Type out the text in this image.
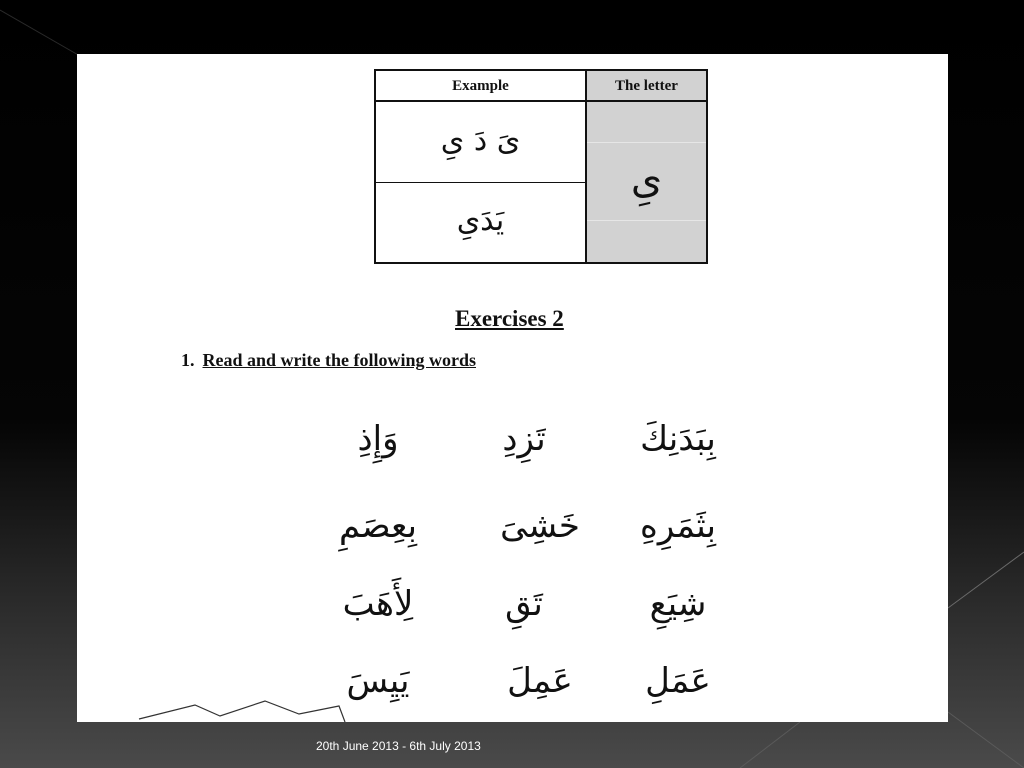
Example	The letter
ىَ دَ ىِ
يَدَىِ
ىِ
Exercises 2
1. Read and write the following words
بِبَدَنِكَ
تَزِدِ
وَإِذِ
بِثَمَرِهِ
خَشِىَ
بِعِصَمِ
شِيَعِ
تَقِ
لِأَهَبَ
عَمَلِ
عَمِلَ
يَيِسَ
20th June 2013 - 6th July 2013
